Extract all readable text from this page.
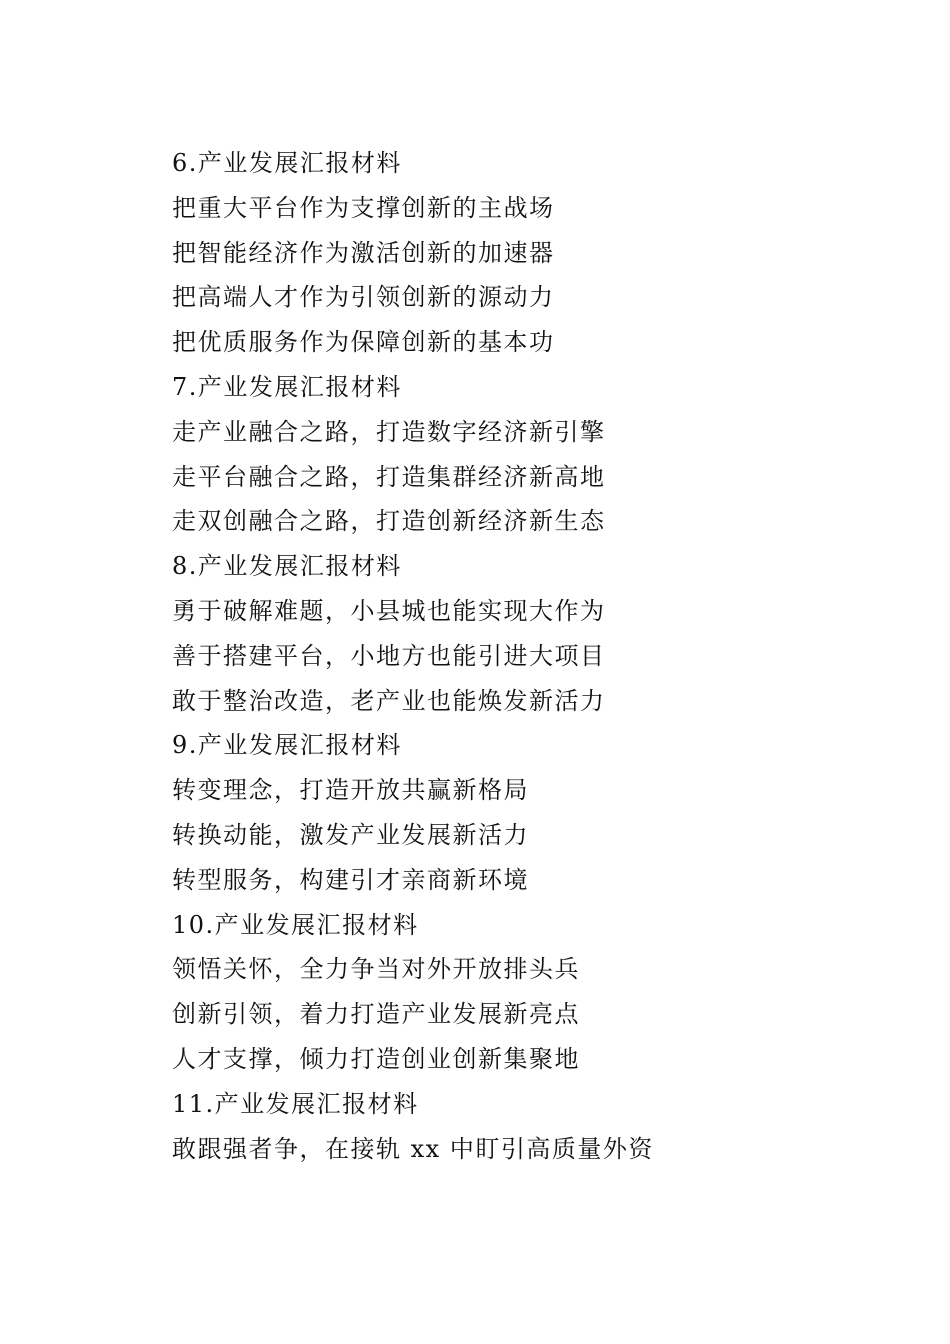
6.产业发展汇报材料
把重大平台作为支撑创新的主战场
把智能经济作为激活创新的加速器
把高端人才作为引领创新的源动力
把优质服务作为保障创新的基本功
7.产业发展汇报材料
走产业融合之路，打造数字经济新引擎
走平台融合之路，打造集群经济新高地
走双创融合之路，打造创新经济新生态
8.产业发展汇报材料
勇于破解难题，小县城也能实现大作为
善于搭建平台，小地方也能引进大项目
敢于整治改造，老产业也能焕发新活力
9.产业发展汇报材料
转变理念，打造开放共赢新格局
转换动能，激发产业发展新活力
转型服务，构建引才亲商新环境
10.产业发展汇报材料
领悟关怀，全力争当对外开放排头兵
创新引领，着力打造产业发展新亮点
人才支撑，倾力打造创业创新集聚地
11.产业发展汇报材料
敢跟强者争，在接轨 xx 中盯引高质量外资
